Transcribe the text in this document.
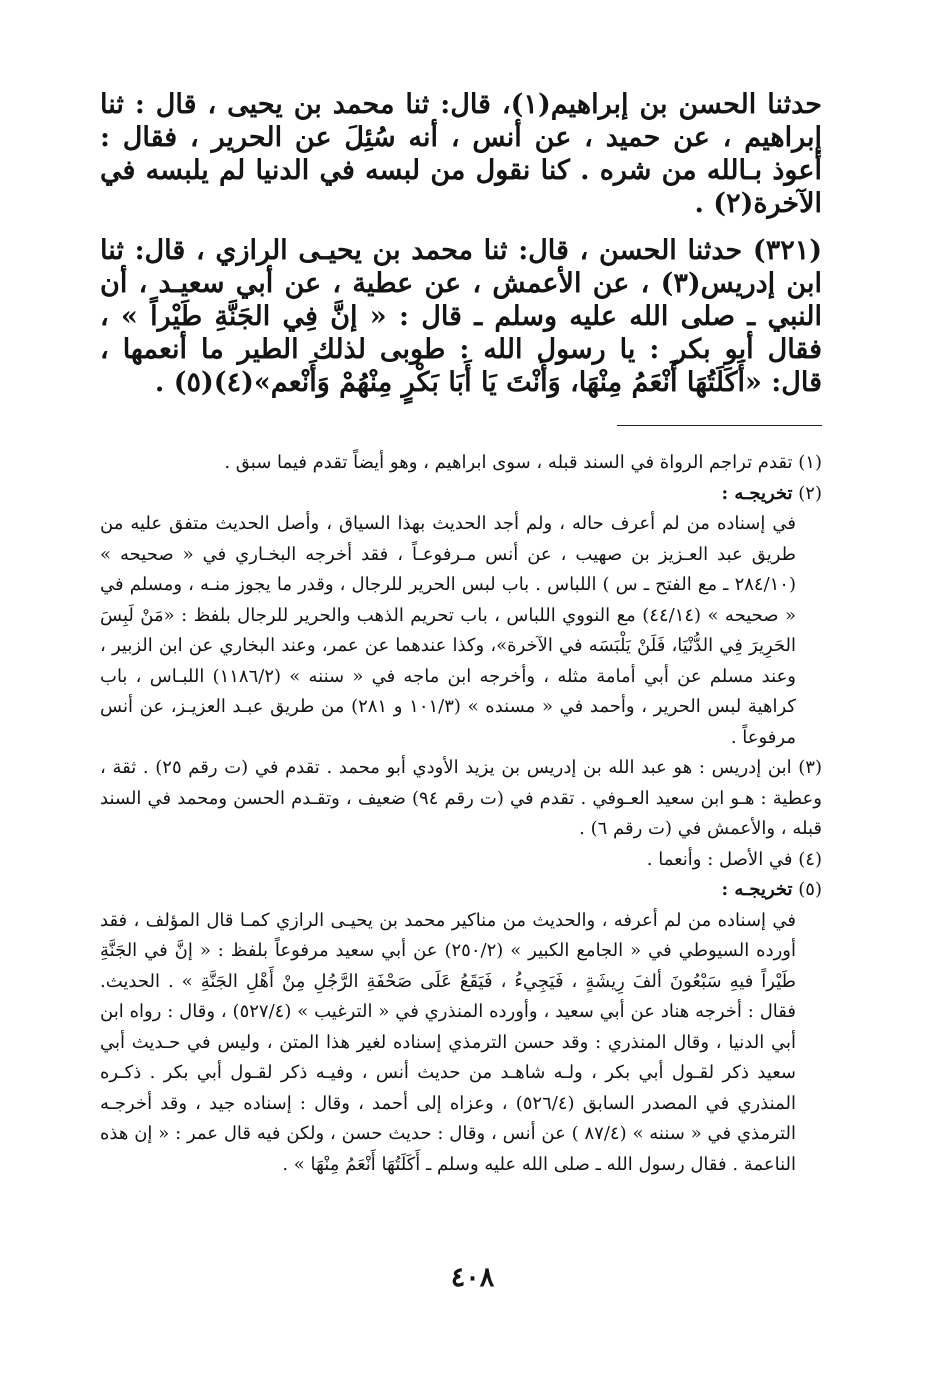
حدثنا الحسن بن إبراهيم(١)، قال: ثنا محمد بن يحيى ، قال : ثنا إبراهيم ، عن حميد ، عن أنس ، أنه سُئِلَ عن الحرير ، فقال : أعوذ بـالله من شره . كنا نقول من لبسه في الدنيا لم يلبسه في الآخرة(٢) .

(٣٢١) حدثنا الحسن ، قال: ثنا محمد بن يحيـى الرازي ، قال: ثنا ابن إدريس(٣) ، عن الأعمش ، عن عطية ، عن أبي سعيـد ، أن النبي ـ صلى الله عليه وسلم ـ قال : « إنَّ فِي الجَنَّةِ طَيْراً » ، فقال أبو بكر : يا رسول الله : طوبى لذلك الطير ما أنعمها ، قال: «أَكَلَتُهَا أَنْعَمُ مِنْهَا، وَأَنْتَ يَا أَبَا بَكْرٍ مِنْهُمْ وَأَنْعم»(٤)(٥) .

(١) تقدم تراجم الرواة في السند قبله ، سوى ابراهيم ، وهو أيضاً تقدم فيما سبق .
(٢) تخريجـه :
في إسناده من لم أعرف حاله ، ولم أجد الحديث بهذا السياق ، وأصل الحديث متفق عليه من طريق عبد العـزيز بن صهيب ، عن أنس مـرفوعـاً ، فقد أخرجه البخـاري في « صحيحه » (٢٨٤/١٠ ـ مع الفتح ـ س ) اللباس . باب لبس الحرير للرجال ، وقدر ما يجوز منـه ، ومسلم في « صحيحه » (٤٤/١٤) مع النووي اللباس ، باب تحريم الذهب والحرير للرجال بلفظ : «مَنْ لَبِسَ الحَرِيرَ فِي الدُّنْيَا، فَلَنْ يَلْبَسَه في الآخرة»، وكذا عندهما عن عمر، وعند البخاري عن ابن الزبير ، وعند مسلم عن أبي أمامة مثله ، وأخرجه ابن ماجه في « سننه » (١١٨٦/٢) اللبـاس ، باب كراهية لبس الحرير ، وأحمد في « مسنده » (١٠١/٣ و ٢٨١) من طريق عبـد العزيـز، عن أنس مرفوعاً .
(٣) ابن إدريس : هو عبد الله بن إدريس بن يزيد الأودي أبو محمد . تقدم في (ت رقم ٢٥) . ثقة ، وعطية : هـو ابن سعيد العـوفي . تقدم في (ت رقم ٩٤) ضعيف ، وتقـدم الحسن ومحمد في السند قبله ، والأعمش في (ت رقم ٦) .
(٤) في الأصل : وأنعما .
(٥) تخريجـه :
في إسناده من لم أعرفه ، والحديث من مناكير محمد بن يحيـى الرازي كمـا قال المؤلف ، فقد أورده السيوطي في « الجامع الكبير » (٢٥٠/٢) عن أبي سعيد مرفوعاً بلفظ : « إنَّ في الجَنَّةِ طَيْراً فيهِ سَبْعُونَ ألفَ رِيشَةٍ ، فَيَجِيءُ ، فَيَقَعُ عَلَى صَحْفَةِ الرَّجُلِ مِنْ أَهْلِ الجَنَّةِ » . الحديث. فقال : أخرجه هناد عن أبي سعيد ، وأورده المنذري في « الترغيب » (٥٢٧/٤) ، وقال : رواه ابن أبي الدنيا ، وقال المنذري : وقد حسن الترمذي إسناده لغير هذا المتن ، وليس في حـديث أبي سعيد ذكر لقـول أبي بكر ، ولـه شاهـد من حديث أنس ، وفيـه ذكر لقـول أبي بكر . ذكـره المنذري في المصدر السابق (٥٢٦/٤) ، وعزاه إلى أحمد ، وقال : إسناده جيد ، وقد أخرجـه الترمذي في « سننه » (٨٧/٤ ) عن أنس ، وقال : حديث حسن ، ولكن فيه قال عمر : « إن هذه الناعمة . فقال رسول الله ـ صلى الله عليه وسلم ـ أَكَلَتُهَا أَنْعَمُ مِنْهَا » .
٤٠٨
